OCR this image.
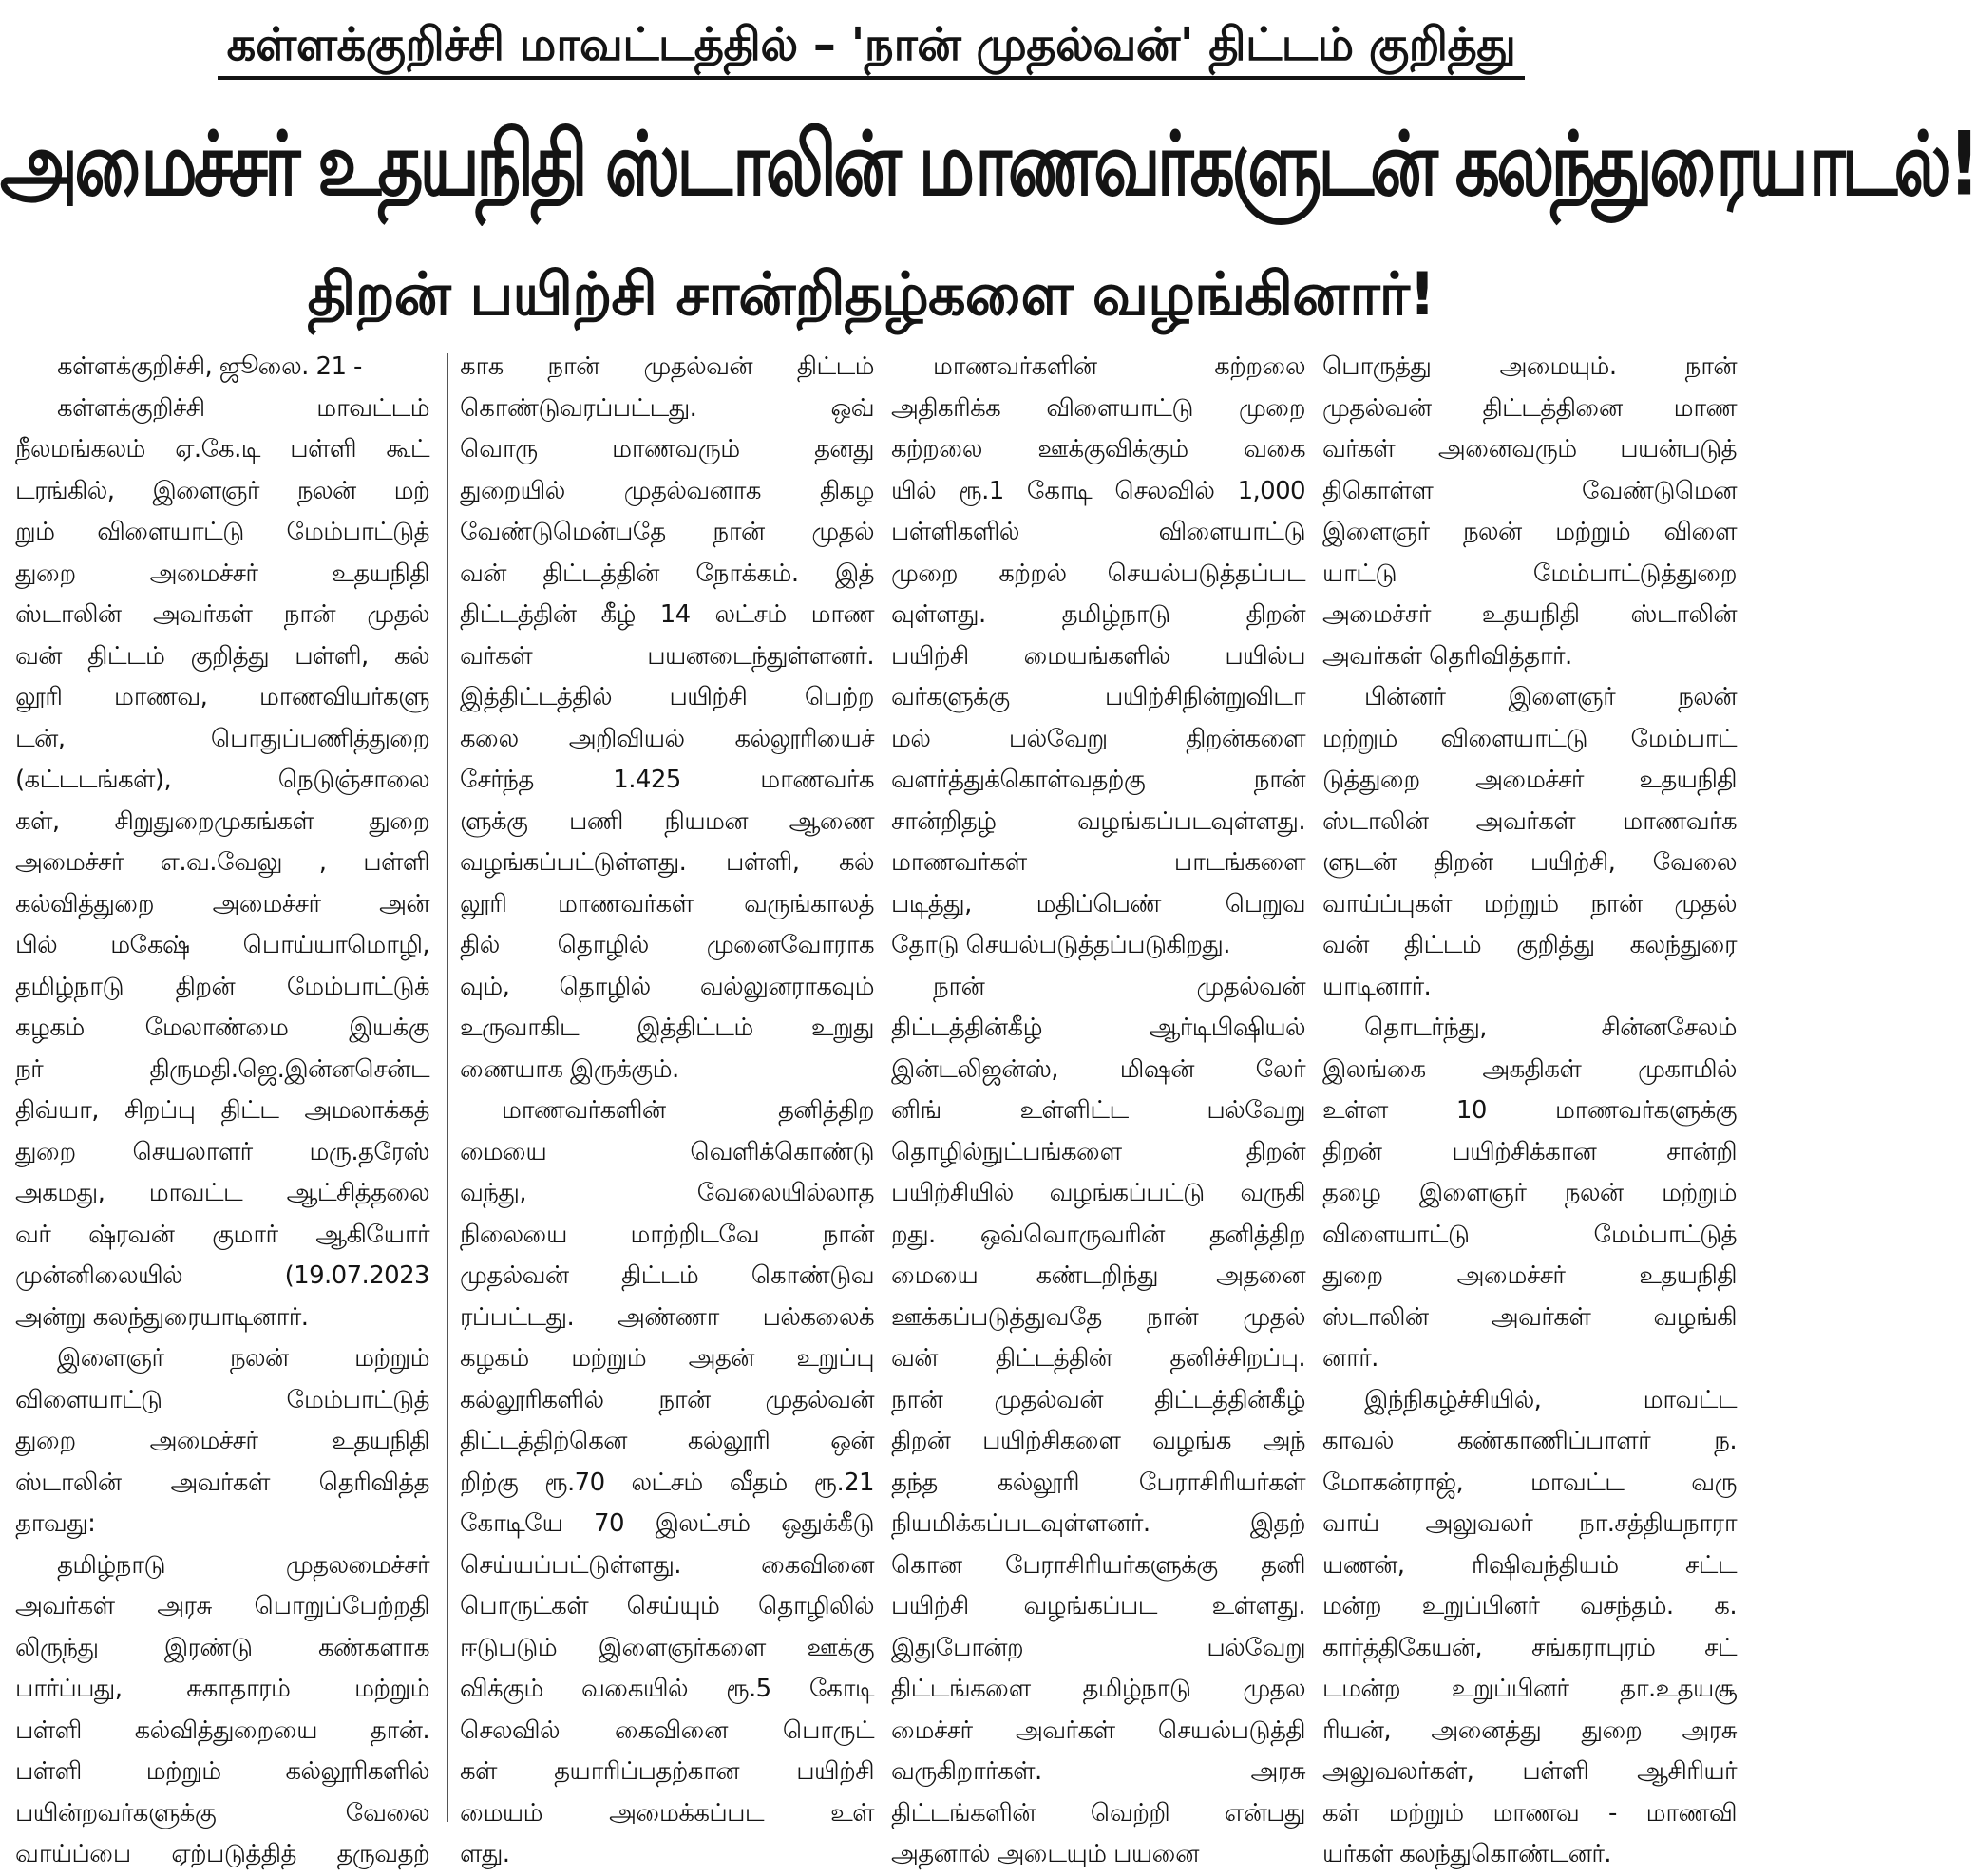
கள்ளக்குறிச்சி மாவட்டத்தில் – 'நான் முதல்வன்' திட்டம் குறித்து
அமைச்சர் உதயநிதி ஸ்டாலின் மாணவர்களுடன் கலந்துரையாடல்!
திறன் பயிற்சி சான்றிதழ்களை வழங்கினார்!
கள்ளக்குறிச்சி, ஜூலை. 21 -
கள்ளக்குறிச்சி மாவட்டம்
நீலமங்கலம் ஏ.கே.டி பள்ளி கூட்
டரங்கில், இளைஞர் நலன் மற்
றும் விளையாட்டு மேம்பாட்டுத்
துறை அமைச்சர் உதயநிதி
ஸ்டாலின் அவர்கள் நான் முதல்
வன் திட்டம் குறித்து பள்ளி, கல்
லூரி மாணவ, மாணவியர்களு
டன், பொதுப்பணித்துறை
(கட்டடங்கள்), நெடுஞ்சாலை
கள், சிறுதுறைமுகங்கள் துறை
அமைச்சர் எ.வ.வேலு , பள்ளி
கல்வித்துறை அமைச்சர் அன்
பில் மகேஷ் பொய்யாமொழி,
தமிழ்நாடு திறன் மேம்பாட்டுக்
கழகம் மேலாண்மை இயக்கு
நர் திருமதி.ஜெ.இன்னசென்ட
திவ்யா, சிறப்பு திட்ட அமலாக்கத்
துறை செயலாளர் மரு.தரேஸ்
அகமது, மாவட்ட ஆட்சித்தலை
வர் ஷ்ரவன் குமார் ஆகியோர்
முன்னிலையில் (19.07.2023
அன்று கலந்துரையாடினார்.
இளைஞர் நலன் மற்றும்
விளையாட்டு மேம்பாட்டுத்
துறை அமைச்சர் உதயநிதி
ஸ்டாலின் அவர்கள் தெரிவித்த
தாவது:
தமிழ்நாடு முதலமைச்சர்
அவர்கள் அரசு பொறுப்பேற்றதி
லிருந்து இரண்டு கண்களாக
பார்ப்பது, சுகாதாரம் மற்றும்
பள்ளி கல்வித்துறையை தான்.
பள்ளி மற்றும் கல்லூரிகளில்
பயின்றவர்களுக்கு வேலை
வாய்ப்பை ஏற்படுத்தித் தருவதற்
காக நான் முதல்வன் திட்டம்
கொண்டுவரப்பட்டது. ஒவ்
வொரு மாணவரும் தனது
துறையில் முதல்வனாக திகழ
வேண்டுமென்பதே நான் முதல்
வன் திட்டத்தின் நோக்கம். இத்
திட்டத்தின் கீழ் 14 லட்சம் மாண
வர்கள் பயனடைந்துள்ளனர்.
இத்திட்டத்தில் பயிற்சி பெற்ற
கலை அறிவியல் கல்லூரியைச்
சேர்ந்த 1.425 மாணவர்க
ளுக்கு பணி நியமன ஆணை
வழங்கப்பட்டுள்ளது. பள்ளி, கல்
லூரி மாணவர்கள் வருங்காலத்
தில் தொழில் முனைவோராக
வும், தொழில் வல்லுனராகவும்
உருவாகிட இத்திட்டம் உறுது
ணையாக இருக்கும்.
மாணவர்களின் தனித்திற
மையை வெளிக்கொண்டு
வந்து, வேலையில்லாத
நிலையை மாற்றிடவே நான்
முதல்வன் திட்டம் கொண்டுவ
ரப்பட்டது. அண்ணா பல்கலைக்
கழகம் மற்றும் அதன் உறுப்பு
கல்லூரிகளில் நான் முதல்வன்
திட்டத்திற்கென கல்லூரி ஒன்
றிற்கு ரூ.70 லட்சம் வீதம் ரூ.21
கோடியே 70 இலட்சம் ஒதுக்கீடு
செய்யப்பட்டுள்ளது. கைவினை
பொருட்கள் செய்யும் தொழிலில்
ஈடுபடும் இளைஞர்களை ஊக்கு
விக்கும் வகையில் ரூ.5 கோடி
செலவில் கைவினை பொருட்
கள் தயாரிப்பதற்கான பயிற்சி
மையம் அமைக்கப்பட உள்
ளது.
மாணவர்களின் கற்றலை
அதிகரிக்க விளையாட்டு முறை
கற்றலை ஊக்குவிக்கும் வகை
யில் ரூ.1 கோடி செலவில் 1,000
பள்ளிகளில் விளையாட்டு
முறை கற்றல் செயல்படுத்தப்பட
வுள்ளது. தமிழ்நாடு திறன்
பயிற்சி மையங்களில் பயில்ப
வர்களுக்கு பயிற்சிநின்றுவிடா
மல் பல்வேறு திறன்களை
வளர்த்துக்கொள்வதற்கு நான்
சான்றிதழ் வழங்கப்படவுள்ளது.
மாணவர்கள் பாடங்களை
படித்து, மதிப்பெண் பெறுவ
தோடு செயல்படுத்தப்படுகிறது.
நான் முதல்வன்
திட்டத்தின்கீழ் ஆர்டிபிஷியல்
இன்டலிஜன்ஸ், மிஷன் லேர்
னிங் உள்ளிட்ட பல்வேறு
தொழில்நுட்பங்களை திறன்
பயிற்சியில் வழங்கப்பட்டு வருகி
றது. ஒவ்வொருவரின் தனித்திற
மையை கண்டறிந்து அதனை
ஊக்கப்படுத்துவதே நான் முதல்
வன் திட்டத்தின் தனிச்சிறப்பு.
நான் முதல்வன் திட்டத்தின்கீழ்
திறன் பயிற்சிகளை வழங்க அந்
தந்த கல்லூரி பேராசிரியர்கள்
நியமிக்கப்படவுள்ளனர். இதற்
கொன பேராசிரியர்களுக்கு தனி
பயிற்சி வழங்கப்பட உள்ளது.
இதுபோன்ற பல்வேறு
திட்டங்களை தமிழ்நாடு முதல
மைச்சர் அவர்கள் செயல்படுத்தி
வருகிறார்கள். அரசு
திட்டங்களின் வெற்றி என்பது
அதனால் அடையும் பயனை
பொருத்து அமையும். நான்
முதல்வன் திட்டத்தினை மாண
வர்கள் அனைவரும் பயன்படுத்
திகொள்ள வேண்டுமென
இளைஞர் நலன் மற்றும் விளை
யாட்டு மேம்பாட்டுத்துறை
அமைச்சர் உதயநிதி ஸ்டாலின்
அவர்கள் தெரிவித்தார்.
பின்னர் இளைஞர் நலன்
மற்றும் விளையாட்டு மேம்பாட்
டுத்துறை அமைச்சர் உதயநிதி
ஸ்டாலின் அவர்கள் மாணவர்க
ளுடன் திறன் பயிற்சி, வேலை
வாய்ப்புகள் மற்றும் நான் முதல்
வன் திட்டம் குறித்து கலந்துரை
யாடினார்.
தொடர்ந்து, சின்னசேலம்
இலங்கை அகதிகள் முகாமில்
உள்ள 10 மாணவர்களுக்கு
திறன் பயிற்சிக்கான சான்றி
தழை இளைஞர் நலன் மற்றும்
விளையாட்டு மேம்பாட்டுத்
துறை அமைச்சர் உதயநிதி
ஸ்டாலின் அவர்கள் வழங்கி
னார்.
இந்நிகழ்ச்சியில், மாவட்ட
காவல் கண்காணிப்பாளர் ந.
மோகன்ராஜ், மாவட்ட வரு
வாய் அலுவலர் நா.சத்தியநாரா
யணன், ரிஷிவந்தியம் சட்ட
மன்ற உறுப்பினர் வசந்தம். க.
கார்த்திகேயன், சங்கராபுரம் சட்
டமன்ற உறுப்பினர் தா.உதயசூ
ரியன், அனைத்து துறை அரசு
அலுவலர்கள், பள்ளி ஆசிரியர்
கள் மற்றும் மாணவ - மாணவி
யர்கள் கலந்துகொண்டனர்.
